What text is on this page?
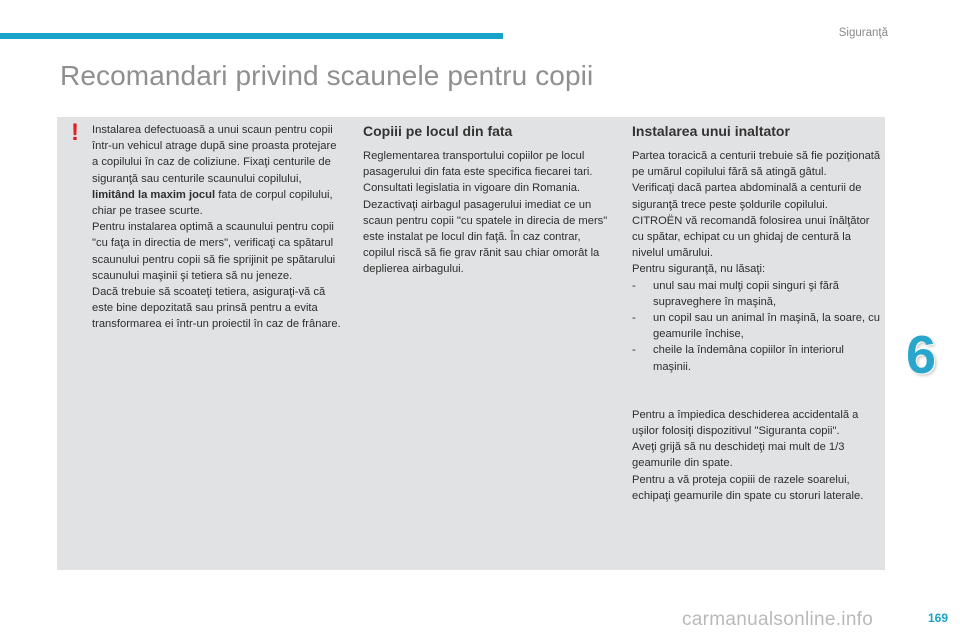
Siguranţă
Recomandari privind scaunele pentru copii
! Instalarea defectuoasă a unui scaun pentru copii într-un vehicul atrage după sine proasta protejare a copilului în caz de coliziune. Fixaţi centurile de siguranţă sau centurile scaunului copilului, limitând la maxim jocul fata de corpul copilului, chiar pe trasee scurte.

Pentru instalarea optimă a scaunului pentru copii "cu faţa in directia de mers", verificaţi ca spătarul scaunului pentru copii să fie sprijinit pe spătarului scaunului maşinii şi tetiera să nu jeneze.

Dacă trebuie să scoateţi tetiera, asiguraţi-vă că este bine depozitată sau prinsă pentru a evita transformarea ei într-un proiectil în caz de frânare.

Copiii pe locul din fata

Reglementarea transportului copiilor pe locul pasagerului din fata este specifica fiecarei tari. Consultati legislatia in vigoare din Romania.

Dezactivaţi airbagul pasagerului imediat ce un scaun pentru copii "cu spatele in direcia de mers" este instalat pe locul din faţă. În caz contrar, copilul riscă să fie grav rănit sau chiar omorât la deplierea airbagului.

Instalarea unui inaltator

Partea toracică a centurii trebuie să fie poziţionată pe umărul copilului fără să atingă gâtul.

Verificaţi dacă partea abdominală a centurii de siguranţă trece peste şoldurile copilului.

CITROËN vă recomandă folosirea unui înălţător cu spătar, echipat cu un ghidaj de centură la nivelul umărului.

Pentru siguranţă, nu lăsaţi:

- unul sau mai mulţi copii singuri şi fără supraveghere în maşină,
- un copil sau un animal în maşină, la soare, cu geamurile închise,
- cheile la îndemâna copiilor în interiorul maşinii.

Pentru a împiedica deschiderea accidentală a uşilor folosiţi dispozitivul "Siguranta copii".

Aveţi grijă să nu deschideţi mai mult de 1/3 geamurile din spate.

Pentru a vă proteja copiii de razele soarelui, echipaţi geamurile din spate cu storuri laterale.

6
carmanualsonline.info	169
